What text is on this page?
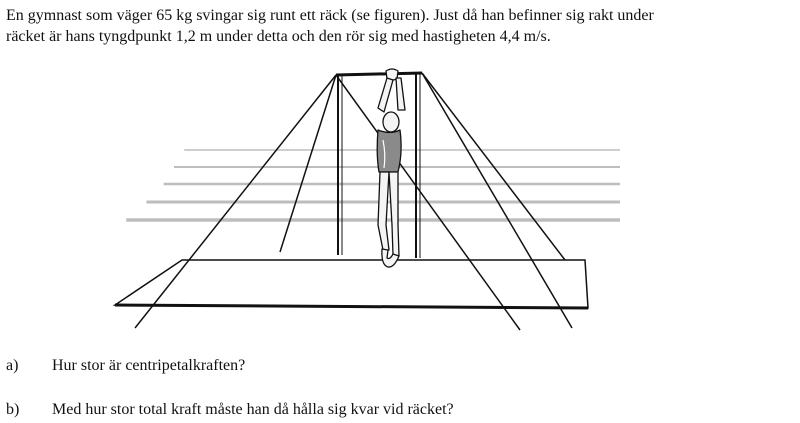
En gymnast som väger 65 kg svingar sig runt ett räck (se figuren). Just då han befinner sig rakt under
räcket är hans tyngdpunkt 1,2 m under detta och den rör sig med hastigheten 4,4 m/s.

a) Hur stor är centripetalkraften?

b) Med hur stor total kraft måste han då hålla sig kvar vid räcket?
